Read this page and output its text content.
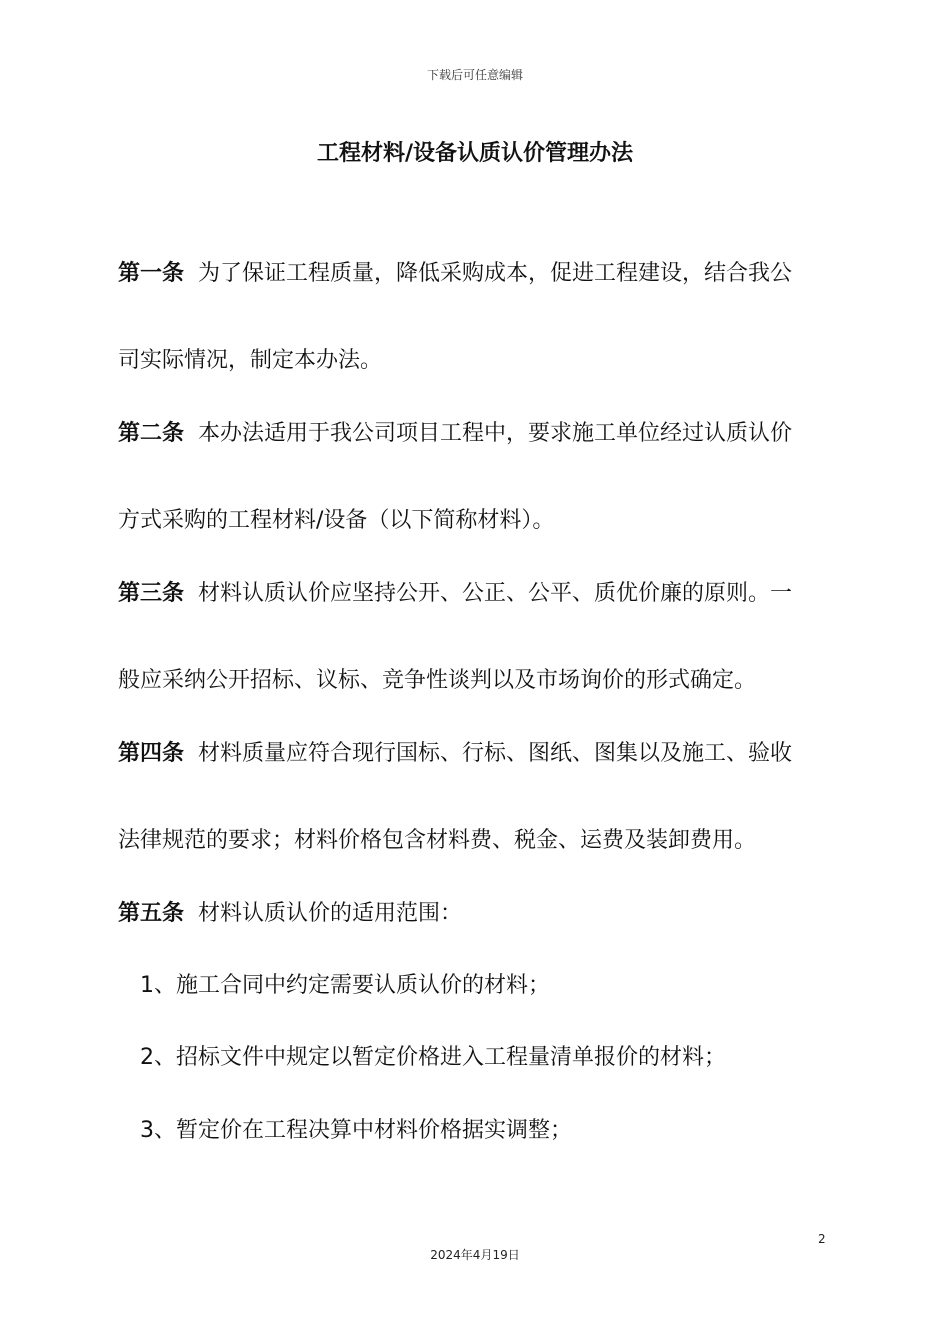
下载后可任意编辑
工程材料/设备认质认价管理办法
第一条 为了保证工程质量，降低采购成本，促进工程建设，结合我公
司实际情况，制定本办法。
第二条 本办法适用于我公司项目工程中，要求施工单位经过认质认价
方式采购的工程材料/设备（以下简称材料）。
第三条 材料认质认价应坚持公开、公正、公平、质优价廉的原则。一
般应采纳公开招标、议标、竞争性谈判以及市场询价的形式确定。
第四条 材料质量应符合现行国标、行标、图纸、图集以及施工、验收
法律规范的要求；材料价格包含材料费、税金、运费及装卸费用。
第五条 材料认质认价的适用范围：
1、施工合同中约定需要认质认价的材料；
2、招标文件中规定以暂定价格进入工程量清单报价的材料；
3、暂定价在工程决算中材料价格据实调整；
2
2024年4月19日
